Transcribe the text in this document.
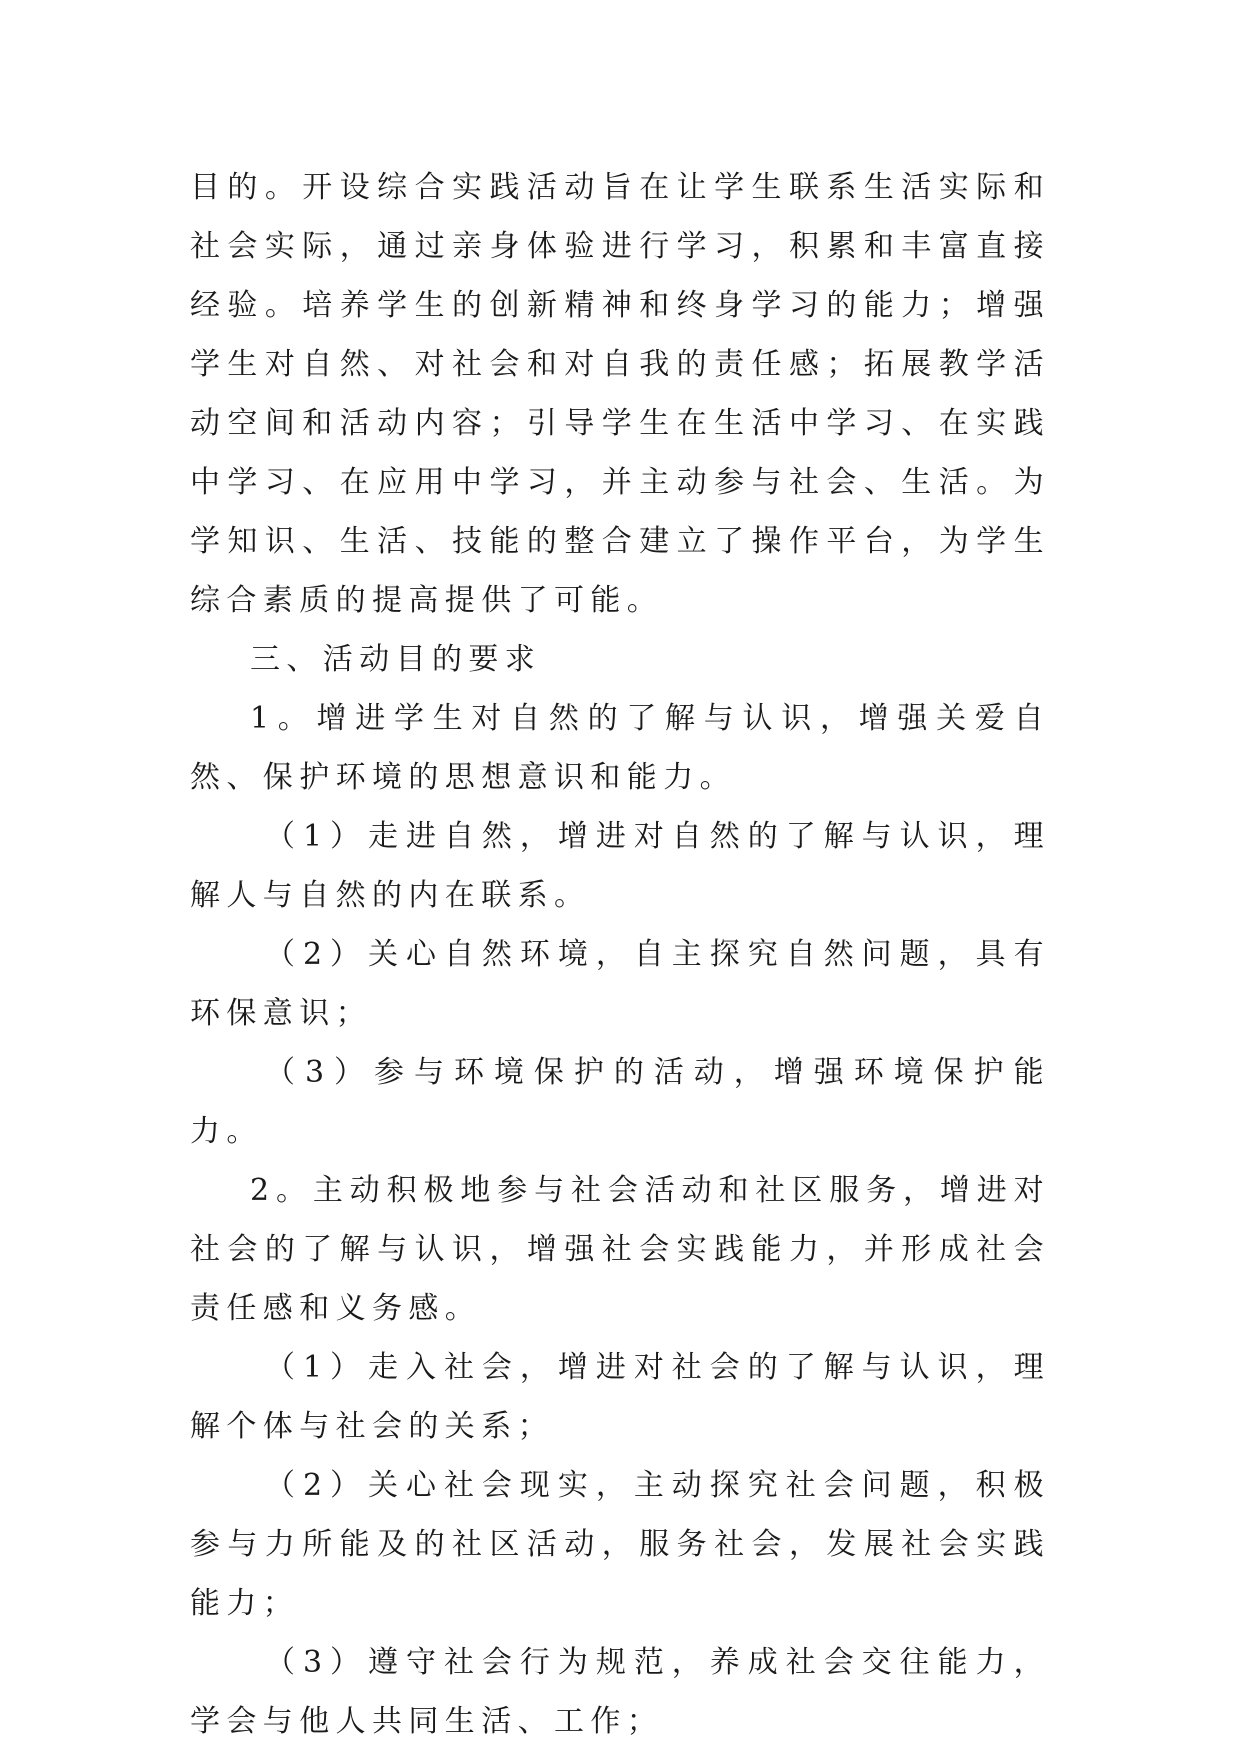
目的。开设综合实践活动旨在让学生联系生活实际和社会实际，通过亲身体验进行学习，积累和丰富直接经验。培养学生的创新精神和终身学习的能力；增强学生对自然、对社会和对自我的责任感；拓展教学活动空间和活动内容；引导学生在生活中学习、在实践中学习、在应用中学习，并主动参与社会、生活。为学知识、生活、技能的整合建立了操作平台，为学生综合素质的提高提供了可能。

三、活动目的要求

1。增进学生对自然的了解与认识，增强关爱自然、保护环境的思想意识和能力。

（1）走进自然，增进对自然的了解与认识，理解人与自然的内在联系。

（2）关心自然环境，自主探究自然问题，具有环保意识；

（3）参与环境保护的活动，增强环境保护能力。

2。主动积极地参与社会活动和社区服务，增进对社会的了解与认识，增强社会实践能力，并形成社会责任感和义务感。

（1）走入社会，增进对社会的了解与认识，理解个体与社会的关系；

（2）关心社会现实，主动探究社会问题，积极参与力所能及的社区活动，服务社会，发展社会实践能力；

（3）遵守社会行为规范，养成社会交往能力，学会与他人共同生活、工作；
